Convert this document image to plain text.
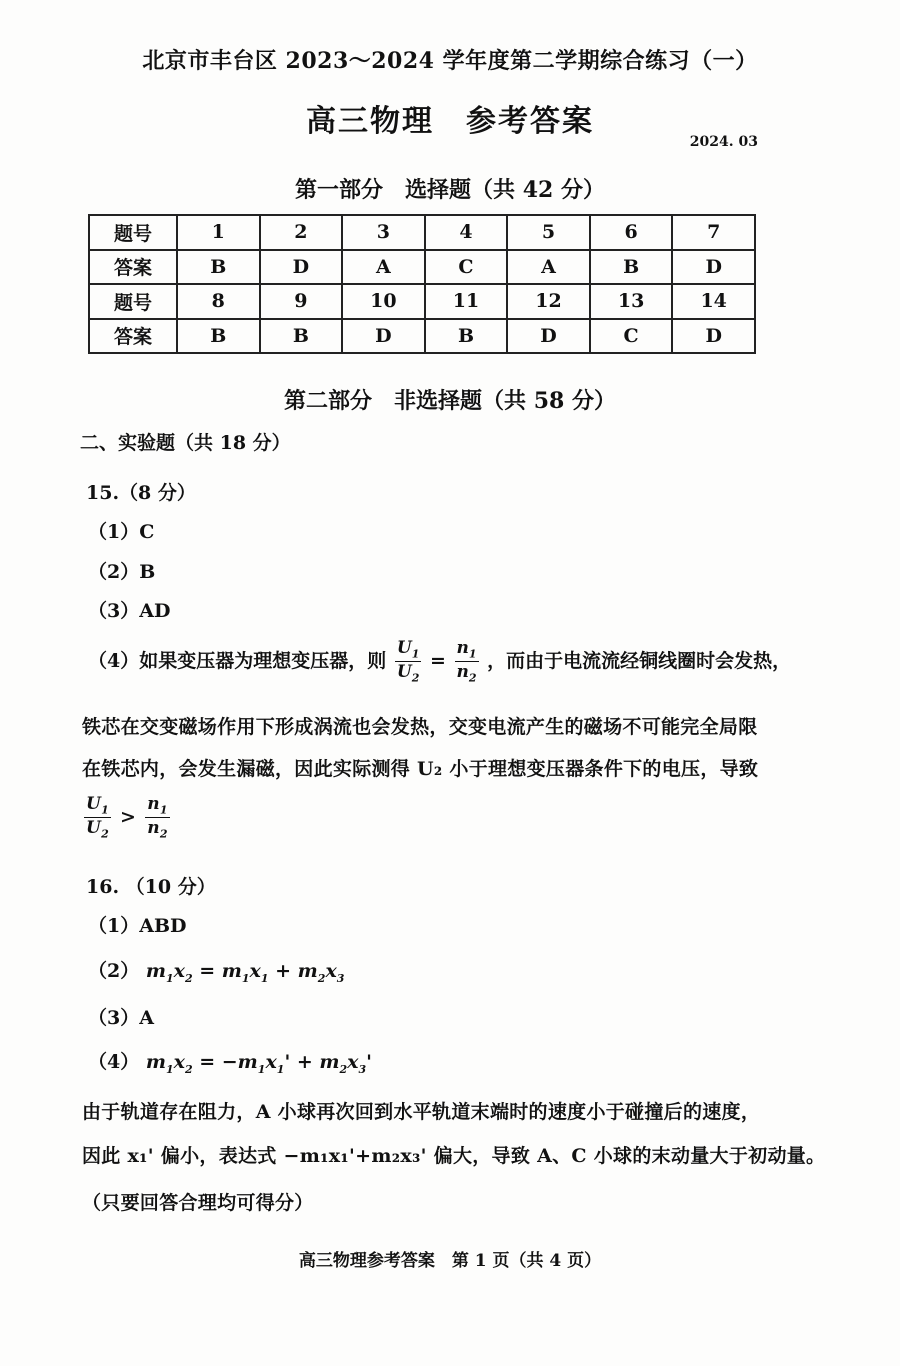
北京市丰台区 2023～2024 学年度第二学期综合练习（一）
高三物理　参考答案
2024. 03
第一部分　选择题（共 42 分）
题号	1	2	3	4	5	6	7
答案	B	D	A	C	A	B	D
题号	8	9	10	11	12	13	14
答案	B	B	D	B	D	C	D
第二部分　非选择题（共 58 分）
二、实验题（共 18 分）
15.（8 分）
（1）C
（2）B
（3）AD
（4）如果变压器为理想变压器，则 $\frac{U_1}{U_2} = \frac{n_1}{n_2}$ ，而由于电流流经铜线圈时会发热，
铁芯在交变磁场作用下形成涡流也会发热，交变电流产生的磁场不可能完全局限
在铁芯内，会发生漏磁，因此实际测得 U₂ 小于理想变压器条件下的电压，导致
$\frac{U_1}{U_2} > \frac{n_1}{n_2}$
16. （10 分）
（1）ABD
（2） $m_1x_2 = m_1x_1 + m_2x_3$
（3）A
（4） $m_1x_2 = -m_1x_1' + m_2x_3'$
由于轨道存在阻力，A 小球再次回到水平轨道末端时的速度小于碰撞后的速度，
因此 x₁' 偏小，表达式 −m₁x₁'+m₂x₃' 偏大，导致 A、C 小球的末动量大于初动量。
（只要回答合理均可得分）
高三物理参考答案　第 1 页（共 4 页）
